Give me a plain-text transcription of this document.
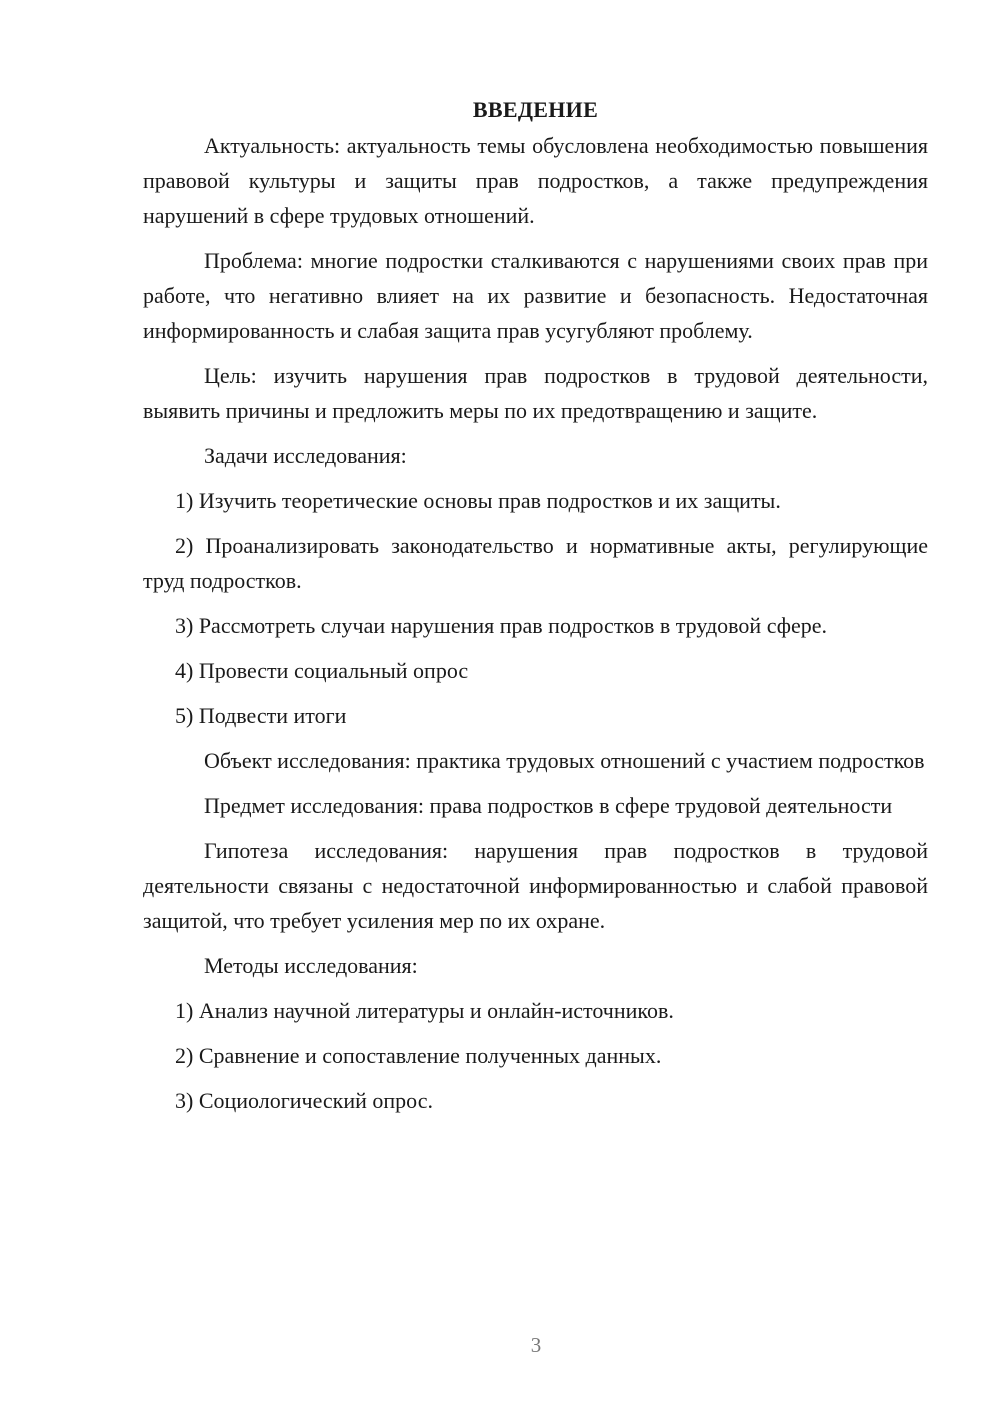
ВВЕДЕНИЕ

Актуальность: актуальность темы обусловлена необходимостью повышения правовой культуры и защиты прав подростков, а также предупреждения нарушений в сфере трудовых отношений.

Проблема: многие подростки сталкиваются с нарушениями своих прав при работе, что негативно влияет на их развитие и безопасность. Недостаточная информированность и слабая защита прав усугубляют проблему.

Цель: изучить нарушения прав подростков в трудовой деятельности, выявить причины и предложить меры по их предотвращению и защите.

Задачи исследования:

1) Изучить теоретические основы прав подростков и их защиты.

2) Проанализировать законодательство и нормативные акты, регулирующие труд подростков.

3) Рассмотреть случаи нарушения прав подростков в трудовой сфере.

4) Провести социальный опрос

5) Подвести итоги

Объект исследования: практика трудовых отношений с участием подростков

Предмет исследования: права подростков в сфере трудовой деятельности

Гипотеза исследования: нарушения прав подростков в трудовой деятельности связаны с недостаточной информированностью и слабой правовой защитой, что требует усиления мер по их охране.

Методы исследования:

1) Анализ научной литературы и онлайн-источников.

2) Сравнение и сопоставление полученных данных.

3) Социологический опрос.

3
